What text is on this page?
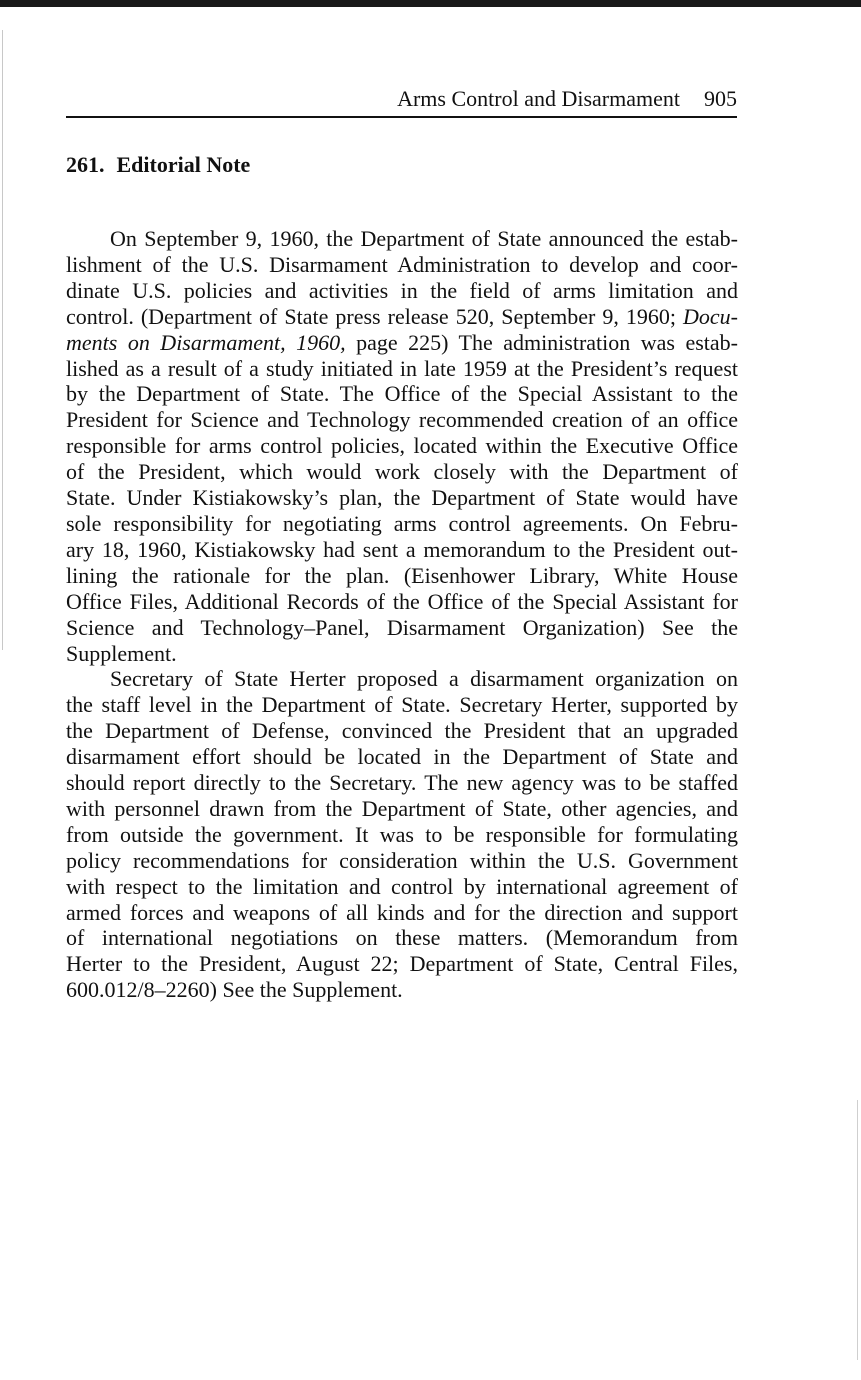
Arms Control and Disarmament 905
261. Editorial Note
On September 9, 1960, the Department of State announced the estab-
lishment of the U.S. Disarmament Administration to develop and coor-
dinate U.S. policies and activities in the field of arms limitation and
control. (Department of State press release 520, September 9, 1960; Docu-
ments on Disarmament, 1960, page 225) The administration was estab-
lished as a result of a study initiated in late 1959 at the President’s request
by the Department of State. The Office of the Special Assistant to the
President for Science and Technology recommended creation of an office
responsible for arms control policies, located within the Executive Office
of the President, which would work closely with the Department of
State. Under Kistiakowsky’s plan, the Department of State would have
sole responsibility for negotiating arms control agreements. On Febru-
ary 18, 1960, Kistiakowsky had sent a memorandum to the President out-
lining the rationale for the plan. (Eisenhower Library, White House
Office Files, Additional Records of the Office of the Special Assistant for
Science and Technology–Panel, Disarmament Organization) See the
Supplement.
Secretary of State Herter proposed a disarmament organization on
the staff level in the Department of State. Secretary Herter, supported by
the Department of Defense, convinced the President that an upgraded
disarmament effort should be located in the Department of State and
should report directly to the Secretary. The new agency was to be staffed
with personnel drawn from the Department of State, other agencies, and
from outside the government. It was to be responsible for formulating
policy recommendations for consideration within the U.S. Government
with respect to the limitation and control by international agreement of
armed forces and weapons of all kinds and for the direction and support
of international negotiations on these matters. (Memorandum from
Herter to the President, August 22; Department of State, Central Files,
600.012/8–2260) See the Supplement.
